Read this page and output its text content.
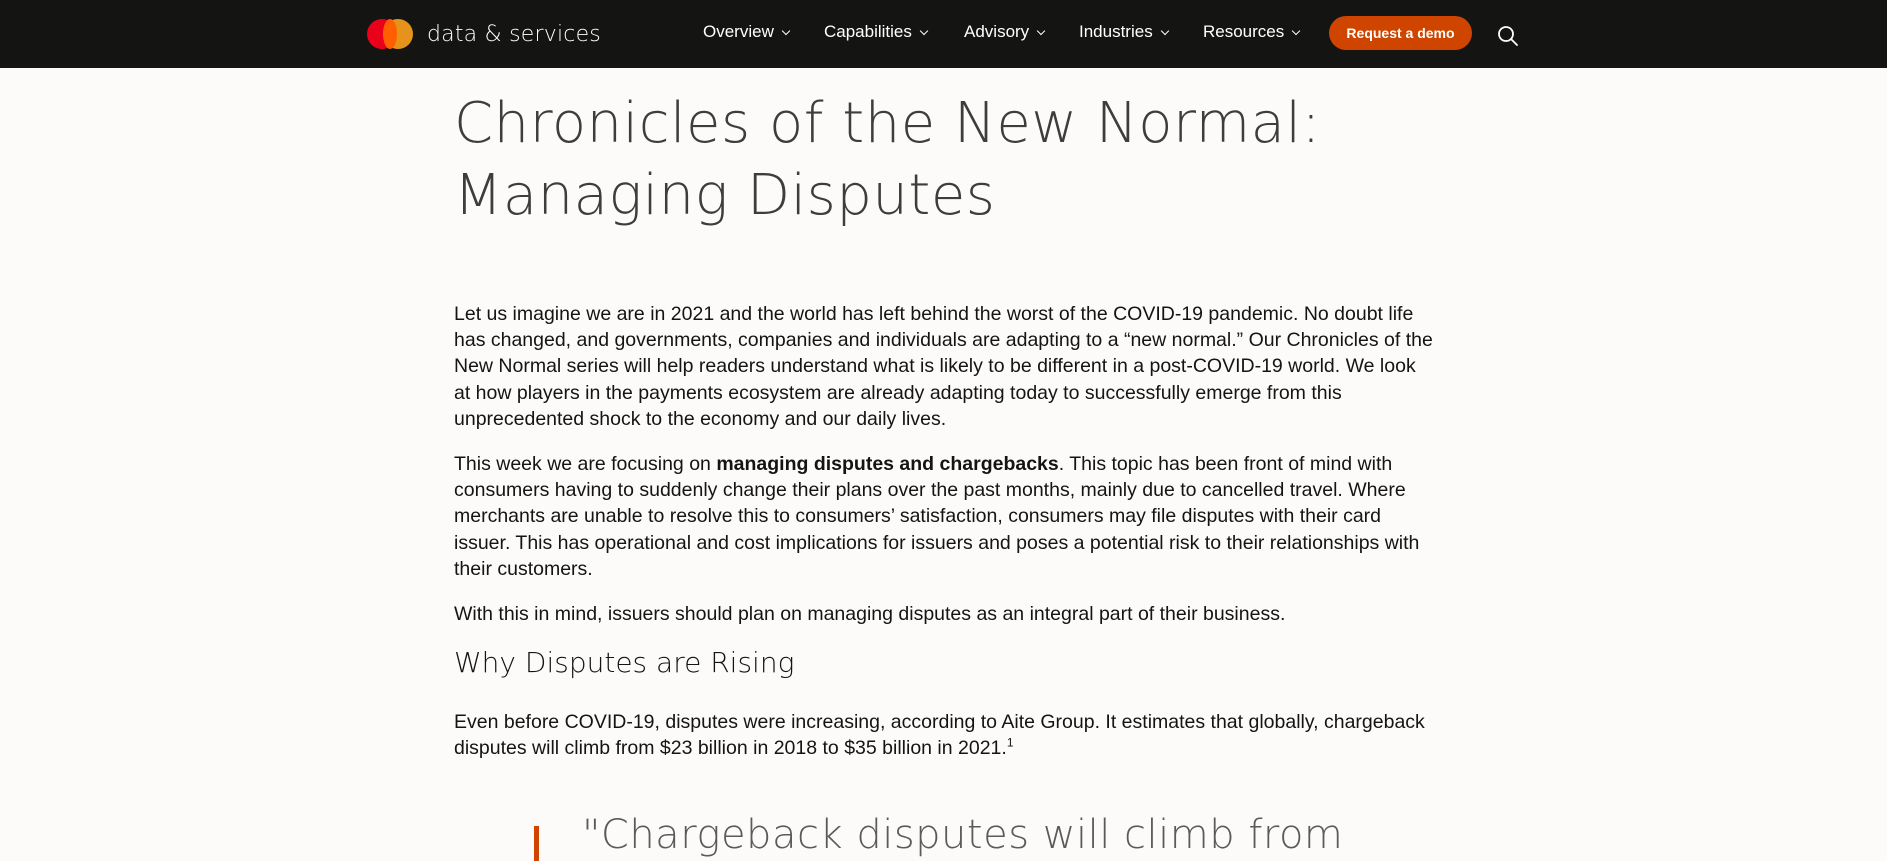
data & services	Overview	Capabilities	Advisory	Industries	Resources	Request a demo
Chronicles of the New Normal:
Managing Disputes

Let us imagine we are in 2021 and the world has left behind the worst of the COVID-19 pandemic. No doubt life has changed, and governments, companies and individuals are adapting to a “new normal.” Our Chronicles of the New Normal series will help readers understand what is likely to be different in a post-COVID-19 world. We look at how players in the payments ecosystem are already adapting today to successfully emerge from this unprecedented shock to the economy and our daily lives.

This week we are focusing on managing disputes and chargebacks. This topic has been front of mind with consumers having to suddenly change their plans over the past months, mainly due to cancelled travel. Where merchants are unable to resolve this to consumers’ satisfaction, consumers may file disputes with their card issuer. This has operational and cost implications for issuers and poses a potential risk to their relationships with their customers.

With this in mind, issuers should plan on managing disputes as an integral part of their business.

Why Disputes are Rising

Even before COVID-19, disputes were increasing, according to Aite Group. It estimates that globally, chargeback disputes will climb from $23 billion in 2018 to $35 billion in 2021.$^1$

"Chargeback disputes will climb from
